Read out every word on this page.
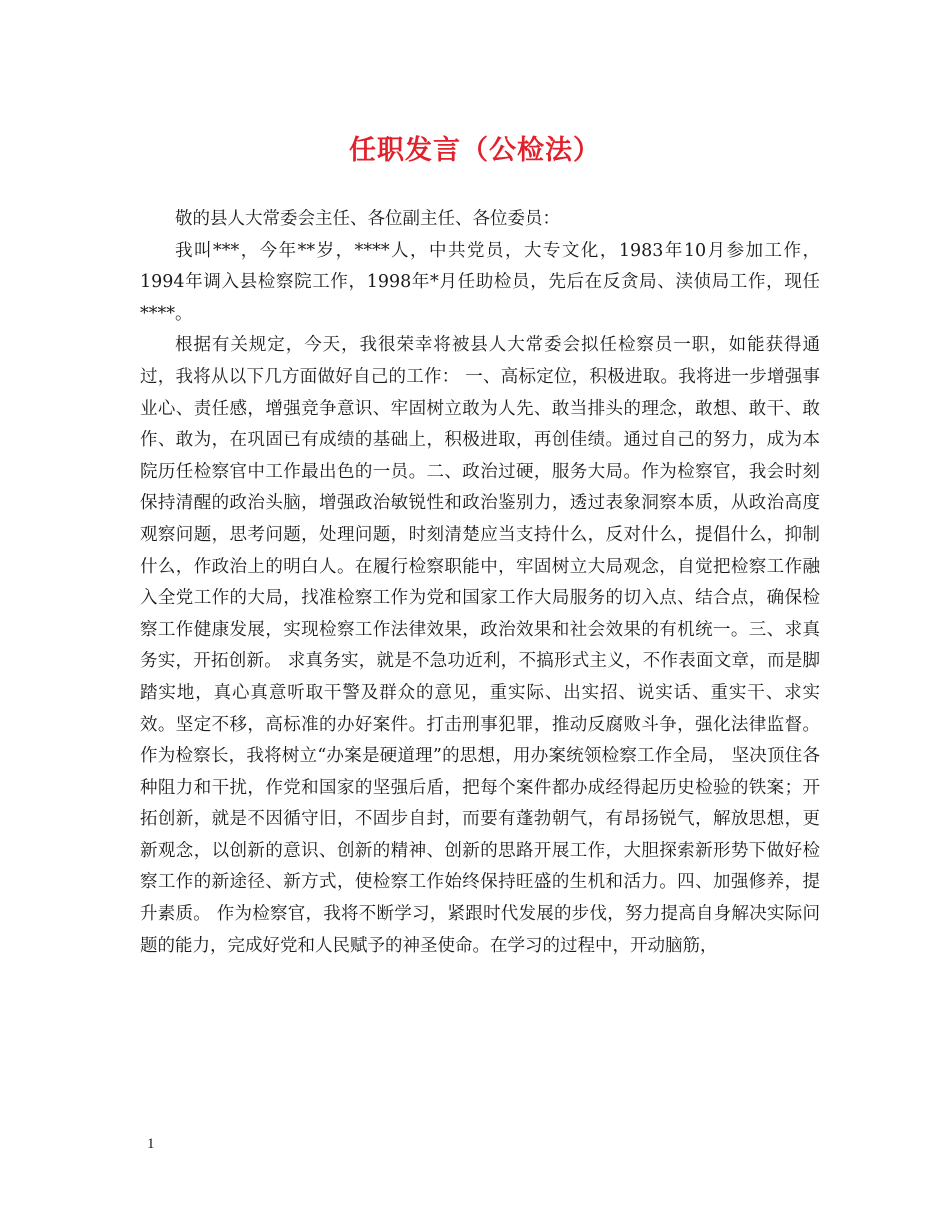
任职发言（公检法）

敬的县人大常委会主任、各位副主任、各位委员：

我叫***，今年**岁，****人，中共党员，大专文化，1983年10月参加工作，1994年调入县检察院工作，1998年*月任助检员，先后在反贪局、渎侦局工作，现任****。

根据有关规定，今天，我很荣幸将被县人大常委会拟任检察员一职，如能获得通过，我将从以下几方面做好自己的工作： 一、高标定位，积极进取。我将进一步增强事业心、责任感，增强竞争意识、牢固树立敢为人先、敢当排头的理念，敢想、敢干、敢作、敢为，在巩固已有成绩的基础上，积极进取，再创佳绩。通过自己的努力，成为本院历任检察官中工作最出色的一员。二、政治过硬，服务大局。作为检察官，我会时刻保持清醒的政治头脑，增强政治敏锐性和政治鉴别力，透过表象洞察本质，从政治高度观察问题，思考问题，处理问题，时刻清楚应当支持什么，反对什么，提倡什么，抑制什么，作政治上的明白人。在履行检察职能中，牢固树立大局观念，自觉把检察工作融入全党工作的大局，找准检察工作为党和国家工作大局服务的切入点、结合点，确保检察工作健康发展，实现检察工作法律效果，政治效果和社会效果的有机统一。三、求真务实，开拓创新。 求真务实，就是不急功近利，不搞形式主义，不作表面文章，而是脚踏实地，真心真意听取干警及群众的意见，重实际、出实招、说实话、重实干、求实效。坚定不移，高标准的办好案件。打击刑事犯罪，推动反腐败斗争，强化法律监督。 作为检察长，我将树立“办案是硬道理”的思想，用办案统领检察工作全局， 坚决顶住各种阻力和干扰，作党和国家的坚强后盾，把每个案件都办成经得起历史检验的铁案；开拓创新，就是不因循守旧，不固步自封，而要有蓬勃朝气，有昂扬锐气，解放思想，更新观念，以创新的意识、创新的精神、创新的思路开展工作，大胆探索新形势下做好检察工作的新途径、新方式，使检察工作始终保持旺盛的生机和活力。四、加强修养，提升素质。 作为检察官，我将不断学习，紧跟时代发展的步伐，努力提高自身解决实际问题的能力，完成好党和人民赋予的神圣使命。在学习的过程中，开动脑筋，

1
